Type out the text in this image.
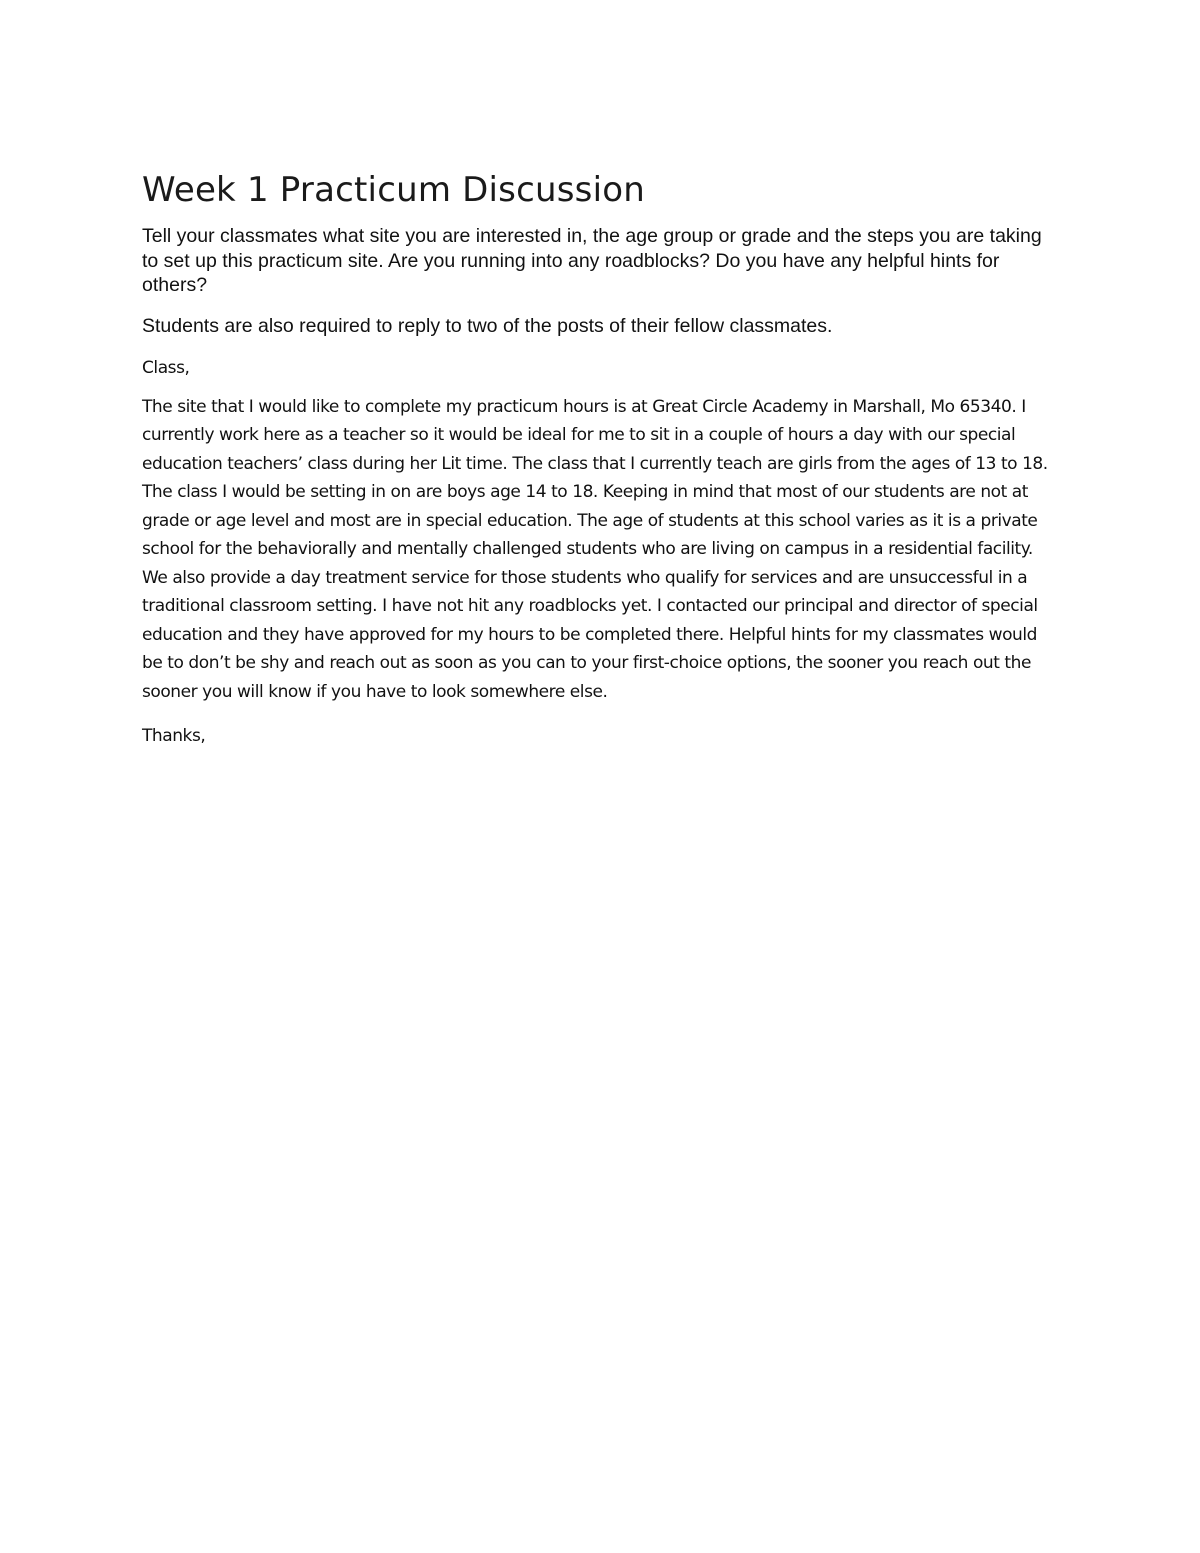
Week 1 Practicum Discussion

Tell your classmates what site you are interested in, the age group or grade and the steps you are taking to set up this practicum site. Are you running into any roadblocks? Do you have any helpful hints for others?

Students are also required to reply to two of the posts of their fellow classmates.

Class,

The site that I would like to complete my practicum hours is at Great Circle Academy in Marshall, Mo 65340. I currently work here as a teacher so it would be ideal for me to sit in a couple of hours a day with our special education teachers’ class during her Lit time. The class that I currently teach are girls from the ages of 13 to 18. The class I would be setting in on are boys age 14 to 18. Keeping in mind that most of our students are not at grade or age level and most are in special education. The age of students at this school varies as it is a private school for the behaviorally and mentally challenged students who are living on campus in a residential facility. We also provide a day treatment service for those students who qualify for services and are unsuccessful in a traditional classroom setting. I have not hit any roadblocks yet. I contacted our principal and director of special education and they have approved for my hours to be completed there. Helpful hints for my classmates would be to don’t be shy and reach out as soon as you can to your first-choice options, the sooner you reach out the sooner you will know if you have to look somewhere else.

Thanks,
